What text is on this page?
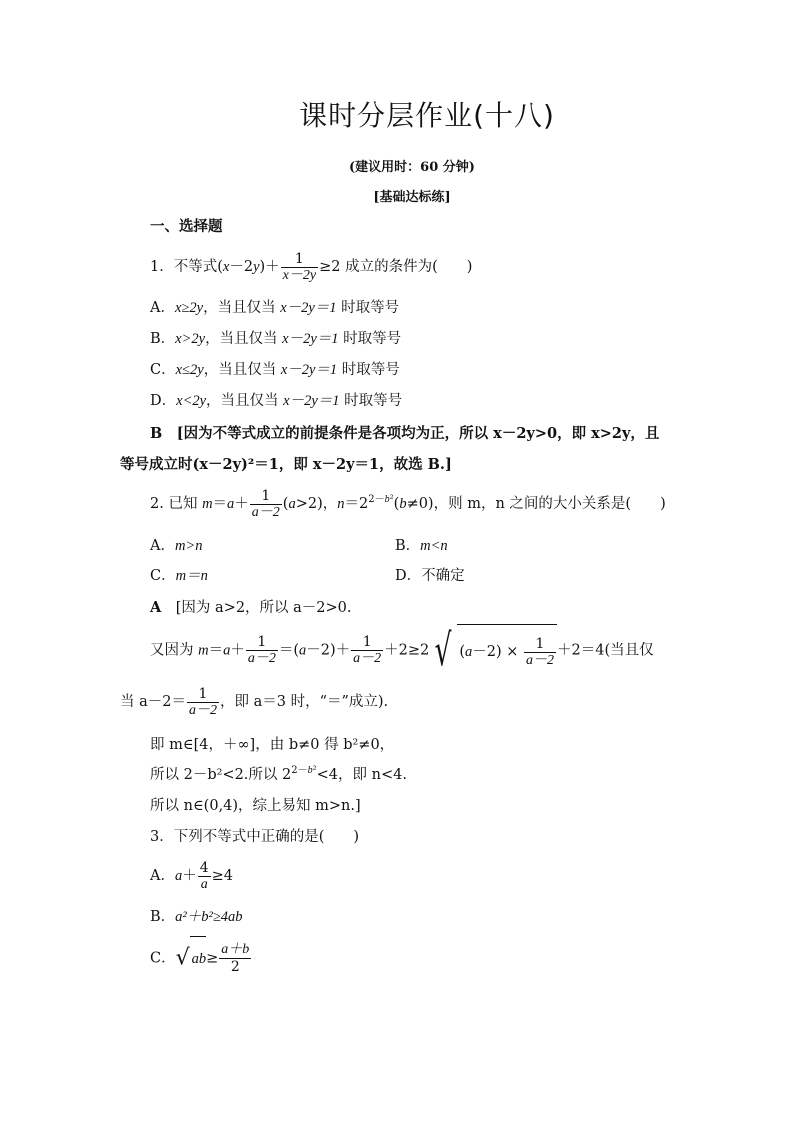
课时分层作业(十八)
(建议用时：60 分钟)
[基础达标练]
一、选择题
1．不等式$(x-2y)+ \frac{1}{x-2y} \ge 2$ 成立的条件为(　　)
A．x≥2y，当且仅当 x－2y＝1 时取等号
B．x>2y，当且仅当 x－2y＝1 时取等号
C．x≤2y，当且仅当 x－2y＝1 时取等号
D．x<2y，当且仅当 x－2y＝1 时取等号
B　 [因为不等式成立的前提条件是各项均为正，所以 x－2y>0，即 x>2y，且
等号成立时(x－2y)²＝1，即 x－2y＝1，故选 B.]
2. 已知 $m=a+ \frac{1}{a-2} (a>2)$，$n=2^{2-b^2}(b\ne 0)$，则 m，n 之间的大小关系是(　　)
A．m>n	B．m<n
C．m＝n	D．不确定
A　 [因为 a>2，所以 a－2>0.
又因为 $m=a+ \frac{1}{a-2} =(a-2)+ \frac{1}{a-2} +2\ge 2$ √ $(a-2) \times \frac{1}{a-2} +2=4$(当且仅
当 $a-2= \frac{1}{a-2}$ ，即 a＝3 时，“＝”成立).
即 m∈[4，＋∞]，由 b≠0 得 b²≠0，
所以 2－b²<2.所以 $2^{2-b^2}<4$，即 n<4.
所以 n∈(0,4)，综上易知 m>n.]
3．下列不等式中正确的是(　　)
A．$a+ \frac{4}{a} \ge 4$
B．a²＋b²≥4ab
C．√ $ab\ge \frac{a+b}{2}$
